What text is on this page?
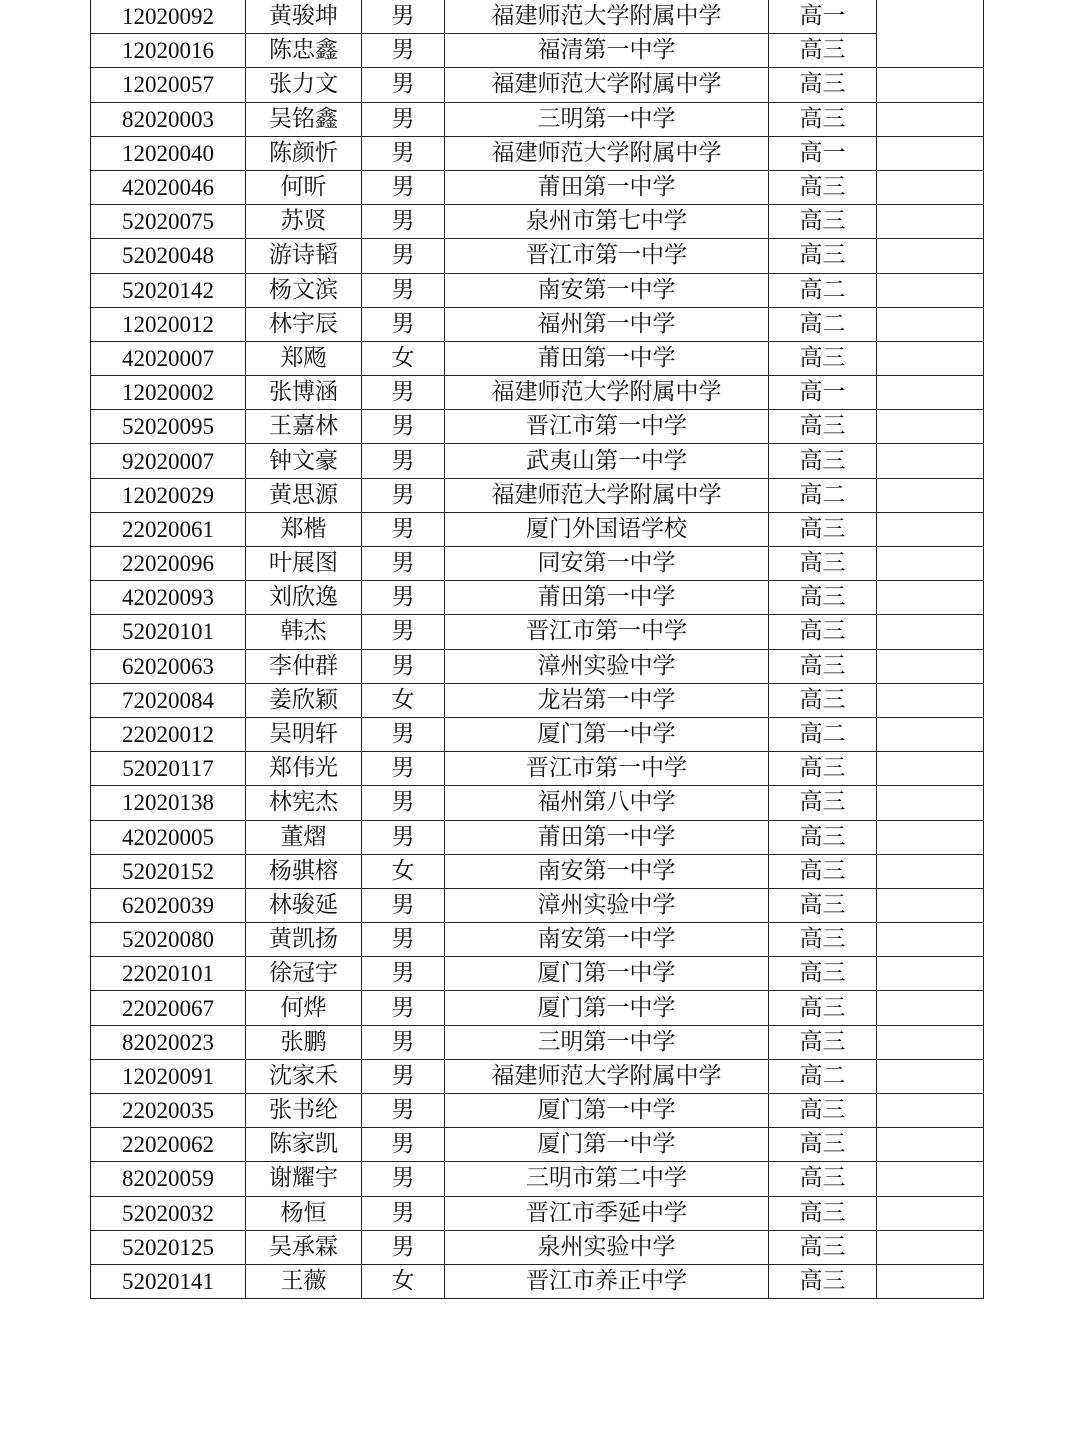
12020092	黄骏坤	男	福建师范大学附属中学	高一	
12020016	陈忠鑫	男	福清第一中学	高三	
12020057	张力文	男	福建师范大学附属中学	高三	
82020003	吴铭鑫	男	三明第一中学	高三	
12020040	陈颜忻	男	福建师范大学附属中学	高一	
42020046	何昕	男	莆田第一中学	高三	
52020075	苏贤	男	泉州市第七中学	高三	
52020048	游诗韬	男	晋江市第一中学	高三	
52020142	杨文滨	男	南安第一中学	高二	
12020012	林宇辰	男	福州第一中学	高二	
42020007	郑飏	女	莆田第一中学	高三	
12020002	张博涵	男	福建师范大学附属中学	高一	
52020095	王嘉林	男	晋江市第一中学	高三	
92020007	钟文豪	男	武夷山第一中学	高三	
12020029	黄思源	男	福建师范大学附属中学	高二	
22020061	郑楷	男	厦门外国语学校	高三	
22020096	叶展图	男	同安第一中学	高三	
42020093	刘欣逸	男	莆田第一中学	高三	
52020101	韩杰	男	晋江市第一中学	高三	
62020063	李仲群	男	漳州实验中学	高三	
72020084	姜欣颖	女	龙岩第一中学	高三	
22020012	吴明轩	男	厦门第一中学	高二	
52020117	郑伟光	男	晋江市第一中学	高三	
12020138	林宪杰	男	福州第八中学	高三	
42020005	董熠	男	莆田第一中学	高三	
52020152	杨骐榕	女	南安第一中学	高三	
62020039	林骏延	男	漳州实验中学	高三	
52020080	黄凯扬	男	南安第一中学	高三	
22020101	徐冠宇	男	厦门第一中学	高三	
22020067	何烨	男	厦门第一中学	高三	
82020023	张鹏	男	三明第一中学	高三	
12020091	沈家禾	男	福建师范大学附属中学	高二	
22020035	张书纶	男	厦门第一中学	高三	
22020062	陈家凯	男	厦门第一中学	高三	
82020059	谢耀宇	男	三明市第二中学	高三	
52020032	杨恒	男	晋江市季延中学	高三	
52020125	吴承霖	男	泉州实验中学	高三	
52020141	王薇	女	晋江市养正中学	高三	
